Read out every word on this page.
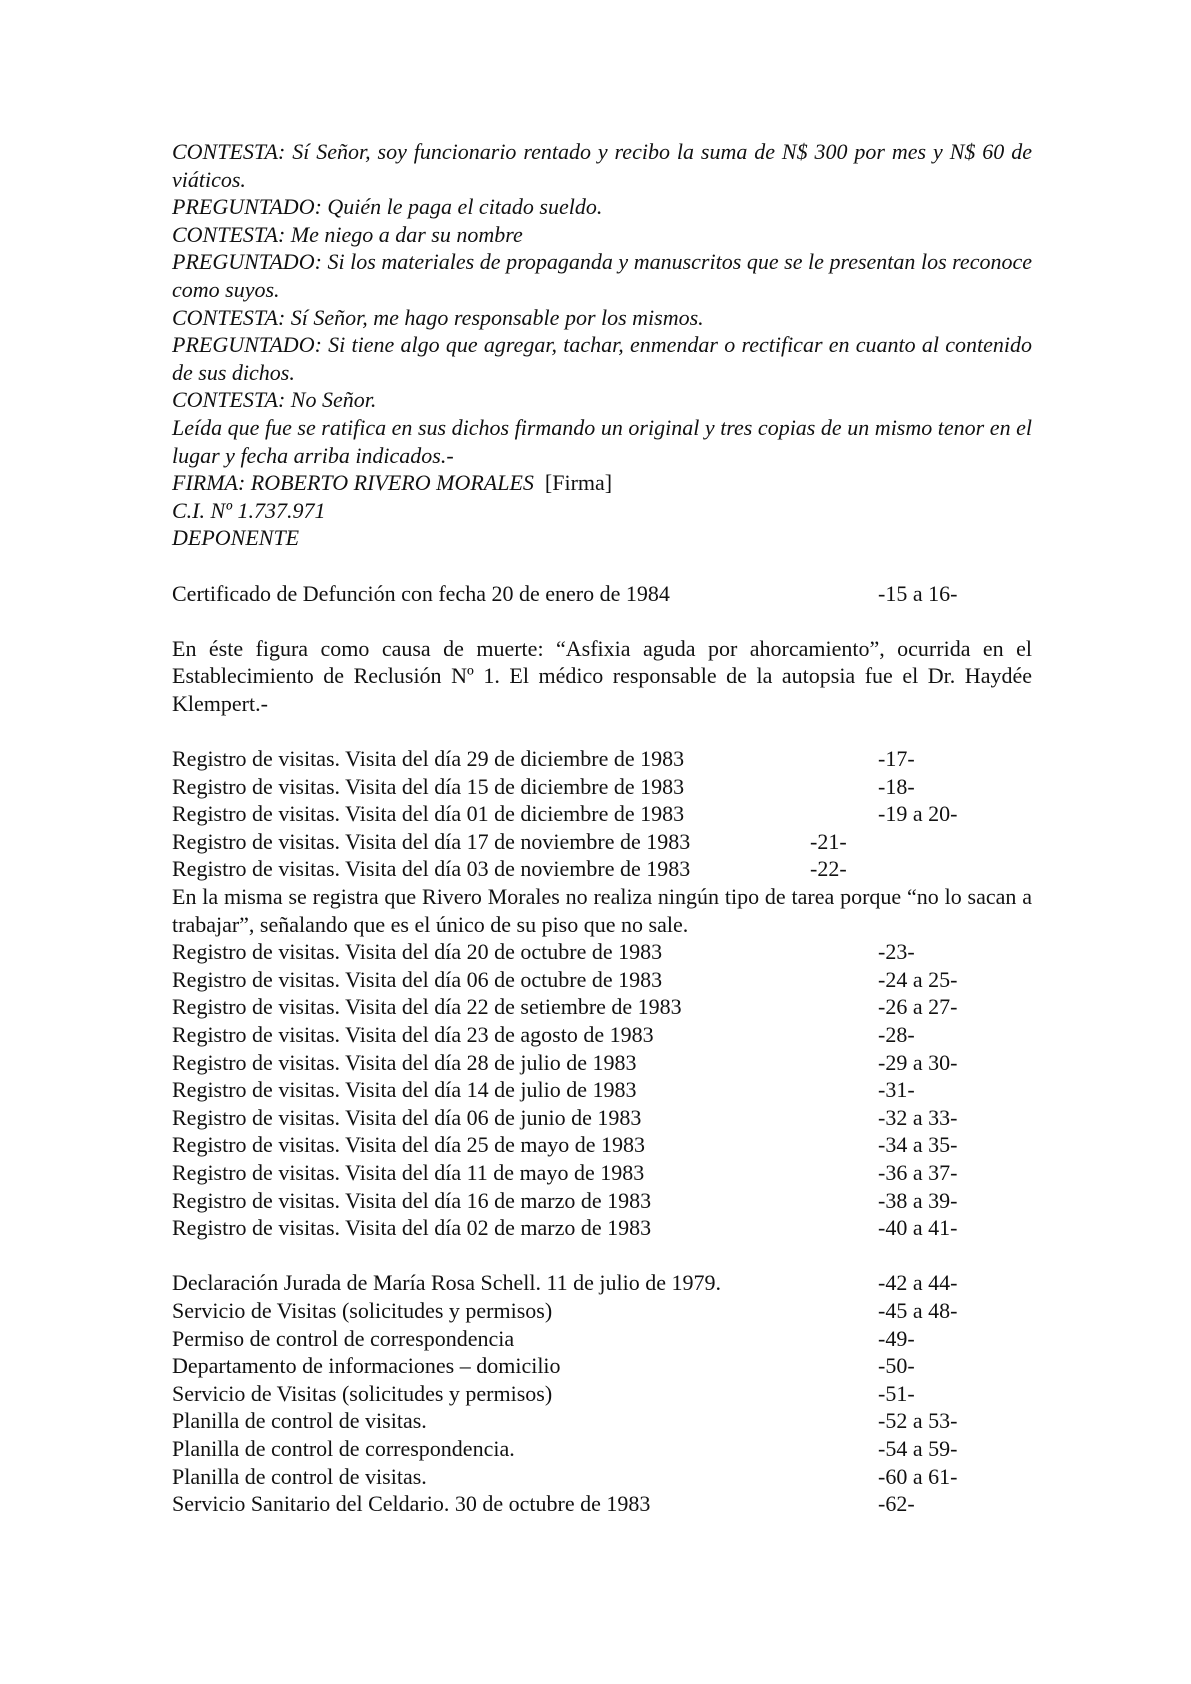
CONTESTA: Sí Señor, soy funcionario rentado y recibo la suma de N$ 300 por mes y N$ 60 de viáticos.
PREGUNTADO: Quién le paga el citado sueldo.
CONTESTA: Me niego a dar su nombre
PREGUNTADO: Si los materiales de propaganda y manuscritos que se le presentan los reconoce como suyos.
CONTESTA: Sí Señor, me hago responsable por los mismos.
PREGUNTADO: Si tiene algo que agregar, tachar, enmendar o rectificar en cuanto al contenido de sus dichos.
CONTESTA: No Señor.
Leída que fue se ratifica en sus dichos firmando un original y tres copias de un mismo tenor en el lugar y fecha arriba indicados.-
FIRMA: ROBERTO RIVERO MORALES [Firma]
C.I. Nº 1.737.971
DEPONENTE
Certificado de Defunción con fecha 20 de enero de 1984	-15 a 16-
En éste figura como causa de muerte: “Asfixia aguda por ahorcamiento”, ocurrida en el Establecimiento de Reclusión Nº 1. El médico responsable de la autopsia fue el Dr. Haydée Klempert.-
Registro de visitas. Visita del día 29 de diciembre de 1983	-17-
Registro de visitas. Visita del día 15 de diciembre de 1983	-18-
Registro de visitas. Visita del día 01 de diciembre de 1983	-19 a 20-
Registro de visitas. Visita del día 17 de noviembre de 1983	-21-
Registro de visitas. Visita del día 03 de noviembre de 1983	-22-
En la misma se registra que Rivero Morales no realiza ningún tipo de tarea porque “no lo sacan a trabajar”, señalando que es el único de su piso que no sale.
Registro de visitas. Visita del día 20 de octubre de 1983	-23-
Registro de visitas. Visita del día 06 de octubre de 1983	-24 a 25-
Registro de visitas. Visita del día 22 de setiembre de 1983	-26 a 27-
Registro de visitas. Visita del día 23 de agosto de 1983	-28-
Registro de visitas. Visita del día 28 de julio de 1983	-29 a 30-
Registro de visitas. Visita del día 14 de julio de 1983	-31-
Registro de visitas. Visita del día 06 de junio de 1983	-32 a 33-
Registro de visitas. Visita del día 25 de mayo de 1983	-34 a 35-
Registro de visitas. Visita del día 11 de mayo de 1983	-36 a 37-
Registro de visitas. Visita del día 16 de marzo de 1983	-38 a 39-
Registro de visitas. Visita del día 02 de marzo de 1983	-40 a 41-
Declaración Jurada de María Rosa Schell. 11 de julio de 1979.	-42 a 44-
Servicio de Visitas (solicitudes y permisos)	-45 a 48-
Permiso de control de correspondencia	-49-
Departamento de informaciones – domicilio	-50-
Servicio de Visitas (solicitudes y permisos)	-51-
Planilla de control de visitas.	-52 a 53-
Planilla de control de correspondencia.	-54 a 59-
Planilla de control de visitas.	-60 a 61-
Servicio Sanitario del Celdario. 30 de octubre de 1983	-62-
